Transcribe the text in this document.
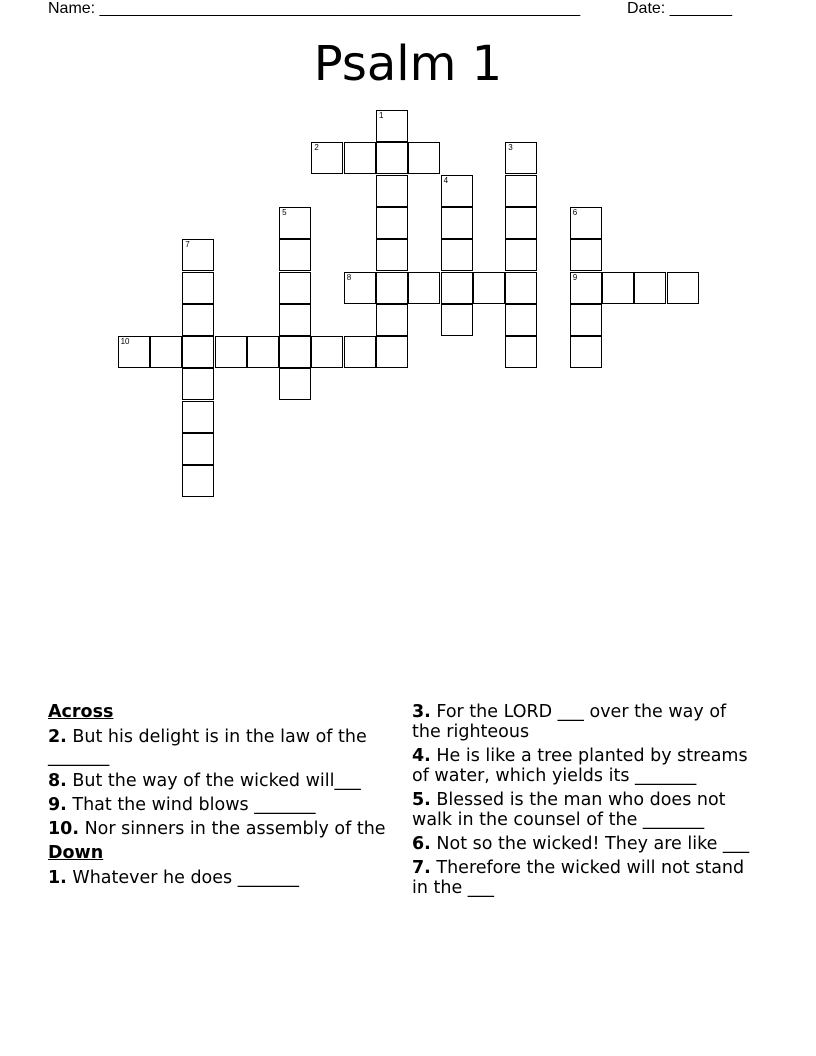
Name: ______________________________________________________	Date: _______
Psalm 1
1
2	3
4
5	6
9
7
8
10
Across
2. But his delight is in the law of the _______
8. But the way of the wicked will___
9. That the wind blows _______
10. Nor sinners in the assembly of the
Down
1. Whatever he does _______
3. For the LORD ___ over the way of the righteous
4. He is like a tree planted by streams of water, which yields its _______
5. Blessed is the man who does not walk in the counsel of the _______
6. Not so the wicked! They are like ___
7. Therefore the wicked will not stand in the ___
